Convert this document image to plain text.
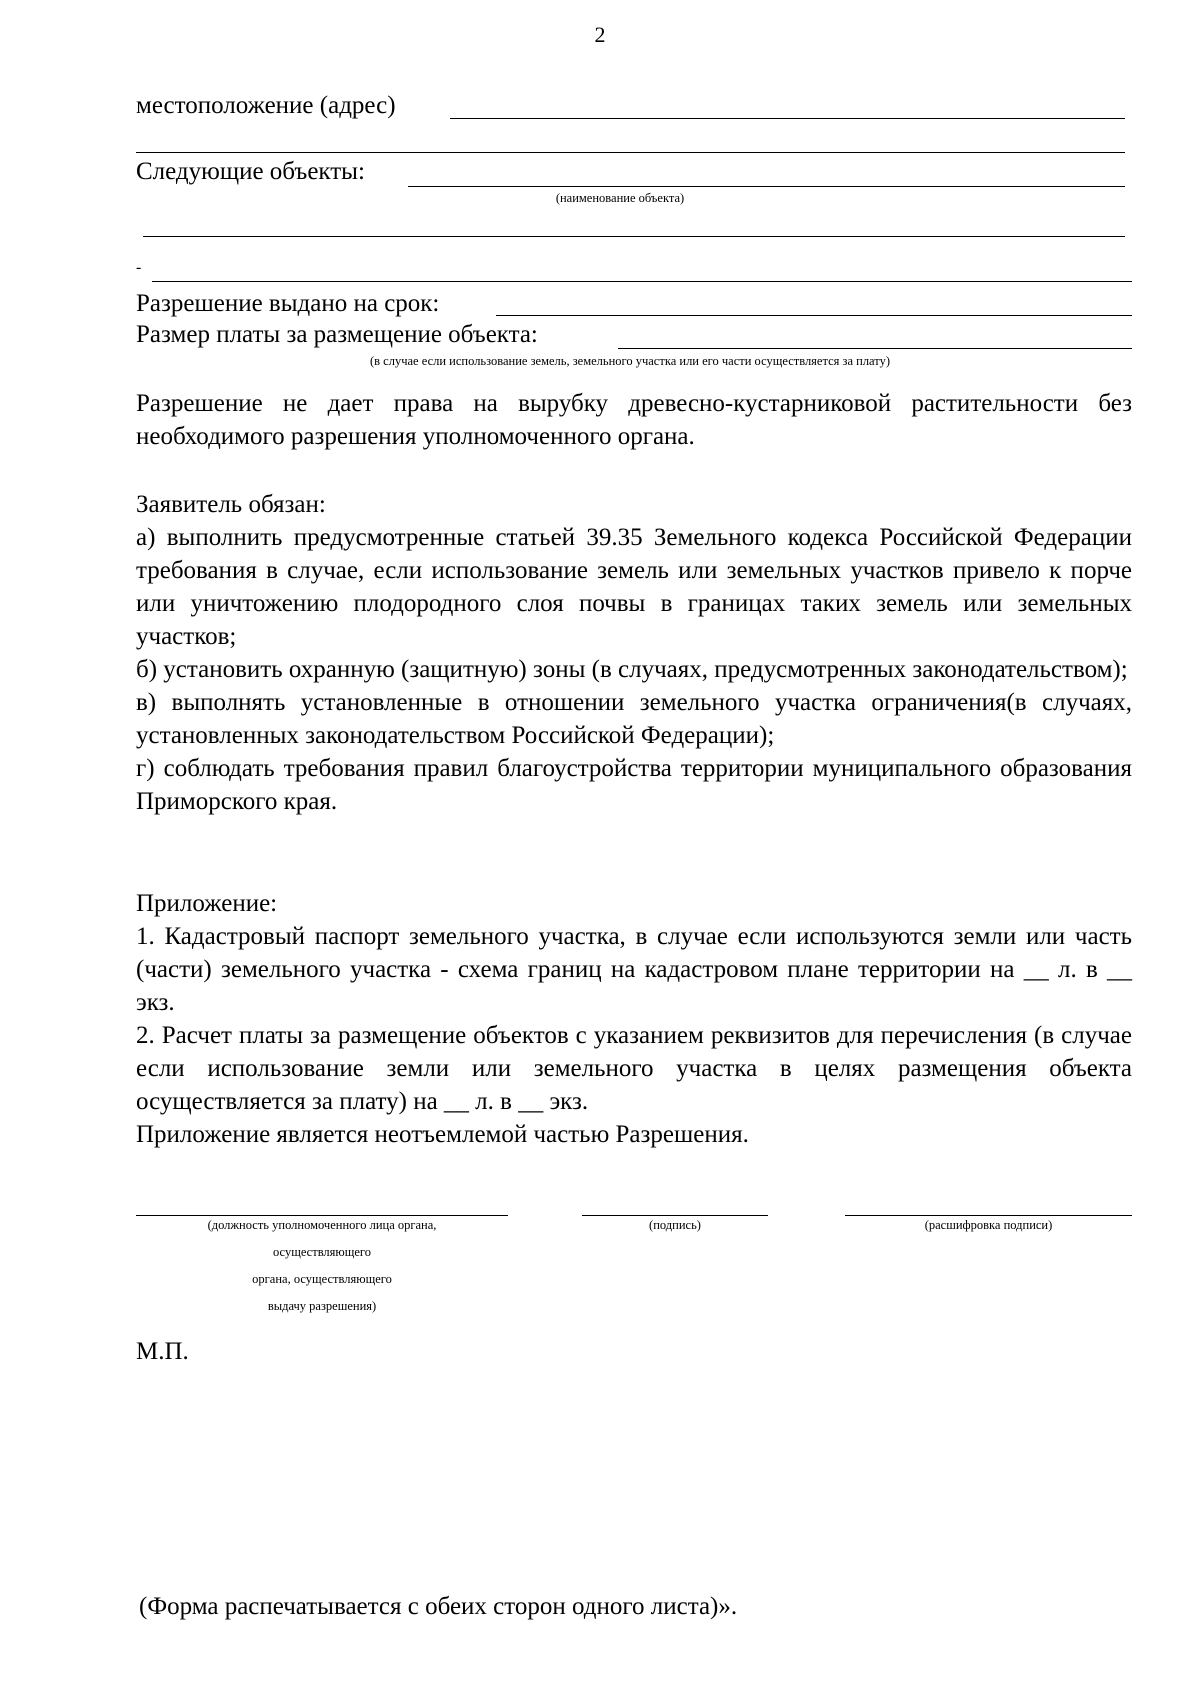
2
местоположение (адрес)
Следующие объекты:
(наименование объекта)
-
Разрешение выдано на срок:
Размер платы за размещение объекта:
(в случае если использование земель, земельного участка или его части осуществляется за плату)

Разрешение не дает права на вырубку древесно-кустарниковой растительности без необходимого разрешения уполномоченного органа.

Заявитель обязан:

а) выполнить предусмотренные статьей 39.35 Земельного кодекса Российской Федерации требования в случае, если использование земель или земельных участков привело к порче или уничтожению плодородного слоя почвы в границах таких земель или земельных участков;

б) установить охранную (защитную) зоны (в случаях, предусмотренных законодательством);

в) выполнять установленные в отношении земельного участка ограничения(в случаях, установленных законодательством Российской Федерации);

г) соблюдать требования правил благоустройства территории муниципального образования Приморского края.

Приложение:

1. Кадастровый паспорт земельного участка, в случае если используются земли или часть (части) земельного участка - схема границ на кадастровом плане территории на __ л. в __ экз.

2. Расчет платы за размещение объектов с указанием реквизитов для перечисления (в случае если использование земли или земельного участка в целях размещения объекта осуществляется за плату) на __ л. в __ экз.

Приложение является неотъемлемой частью Разрешения.

(должность уполномоченного лица органа,
осуществляющего
органа, осуществляющего
выдачу разрешения)
(подпись)	(расшифровка подписи)
М.П.
(Форма распечатывается с обеих сторон одного листа)».
